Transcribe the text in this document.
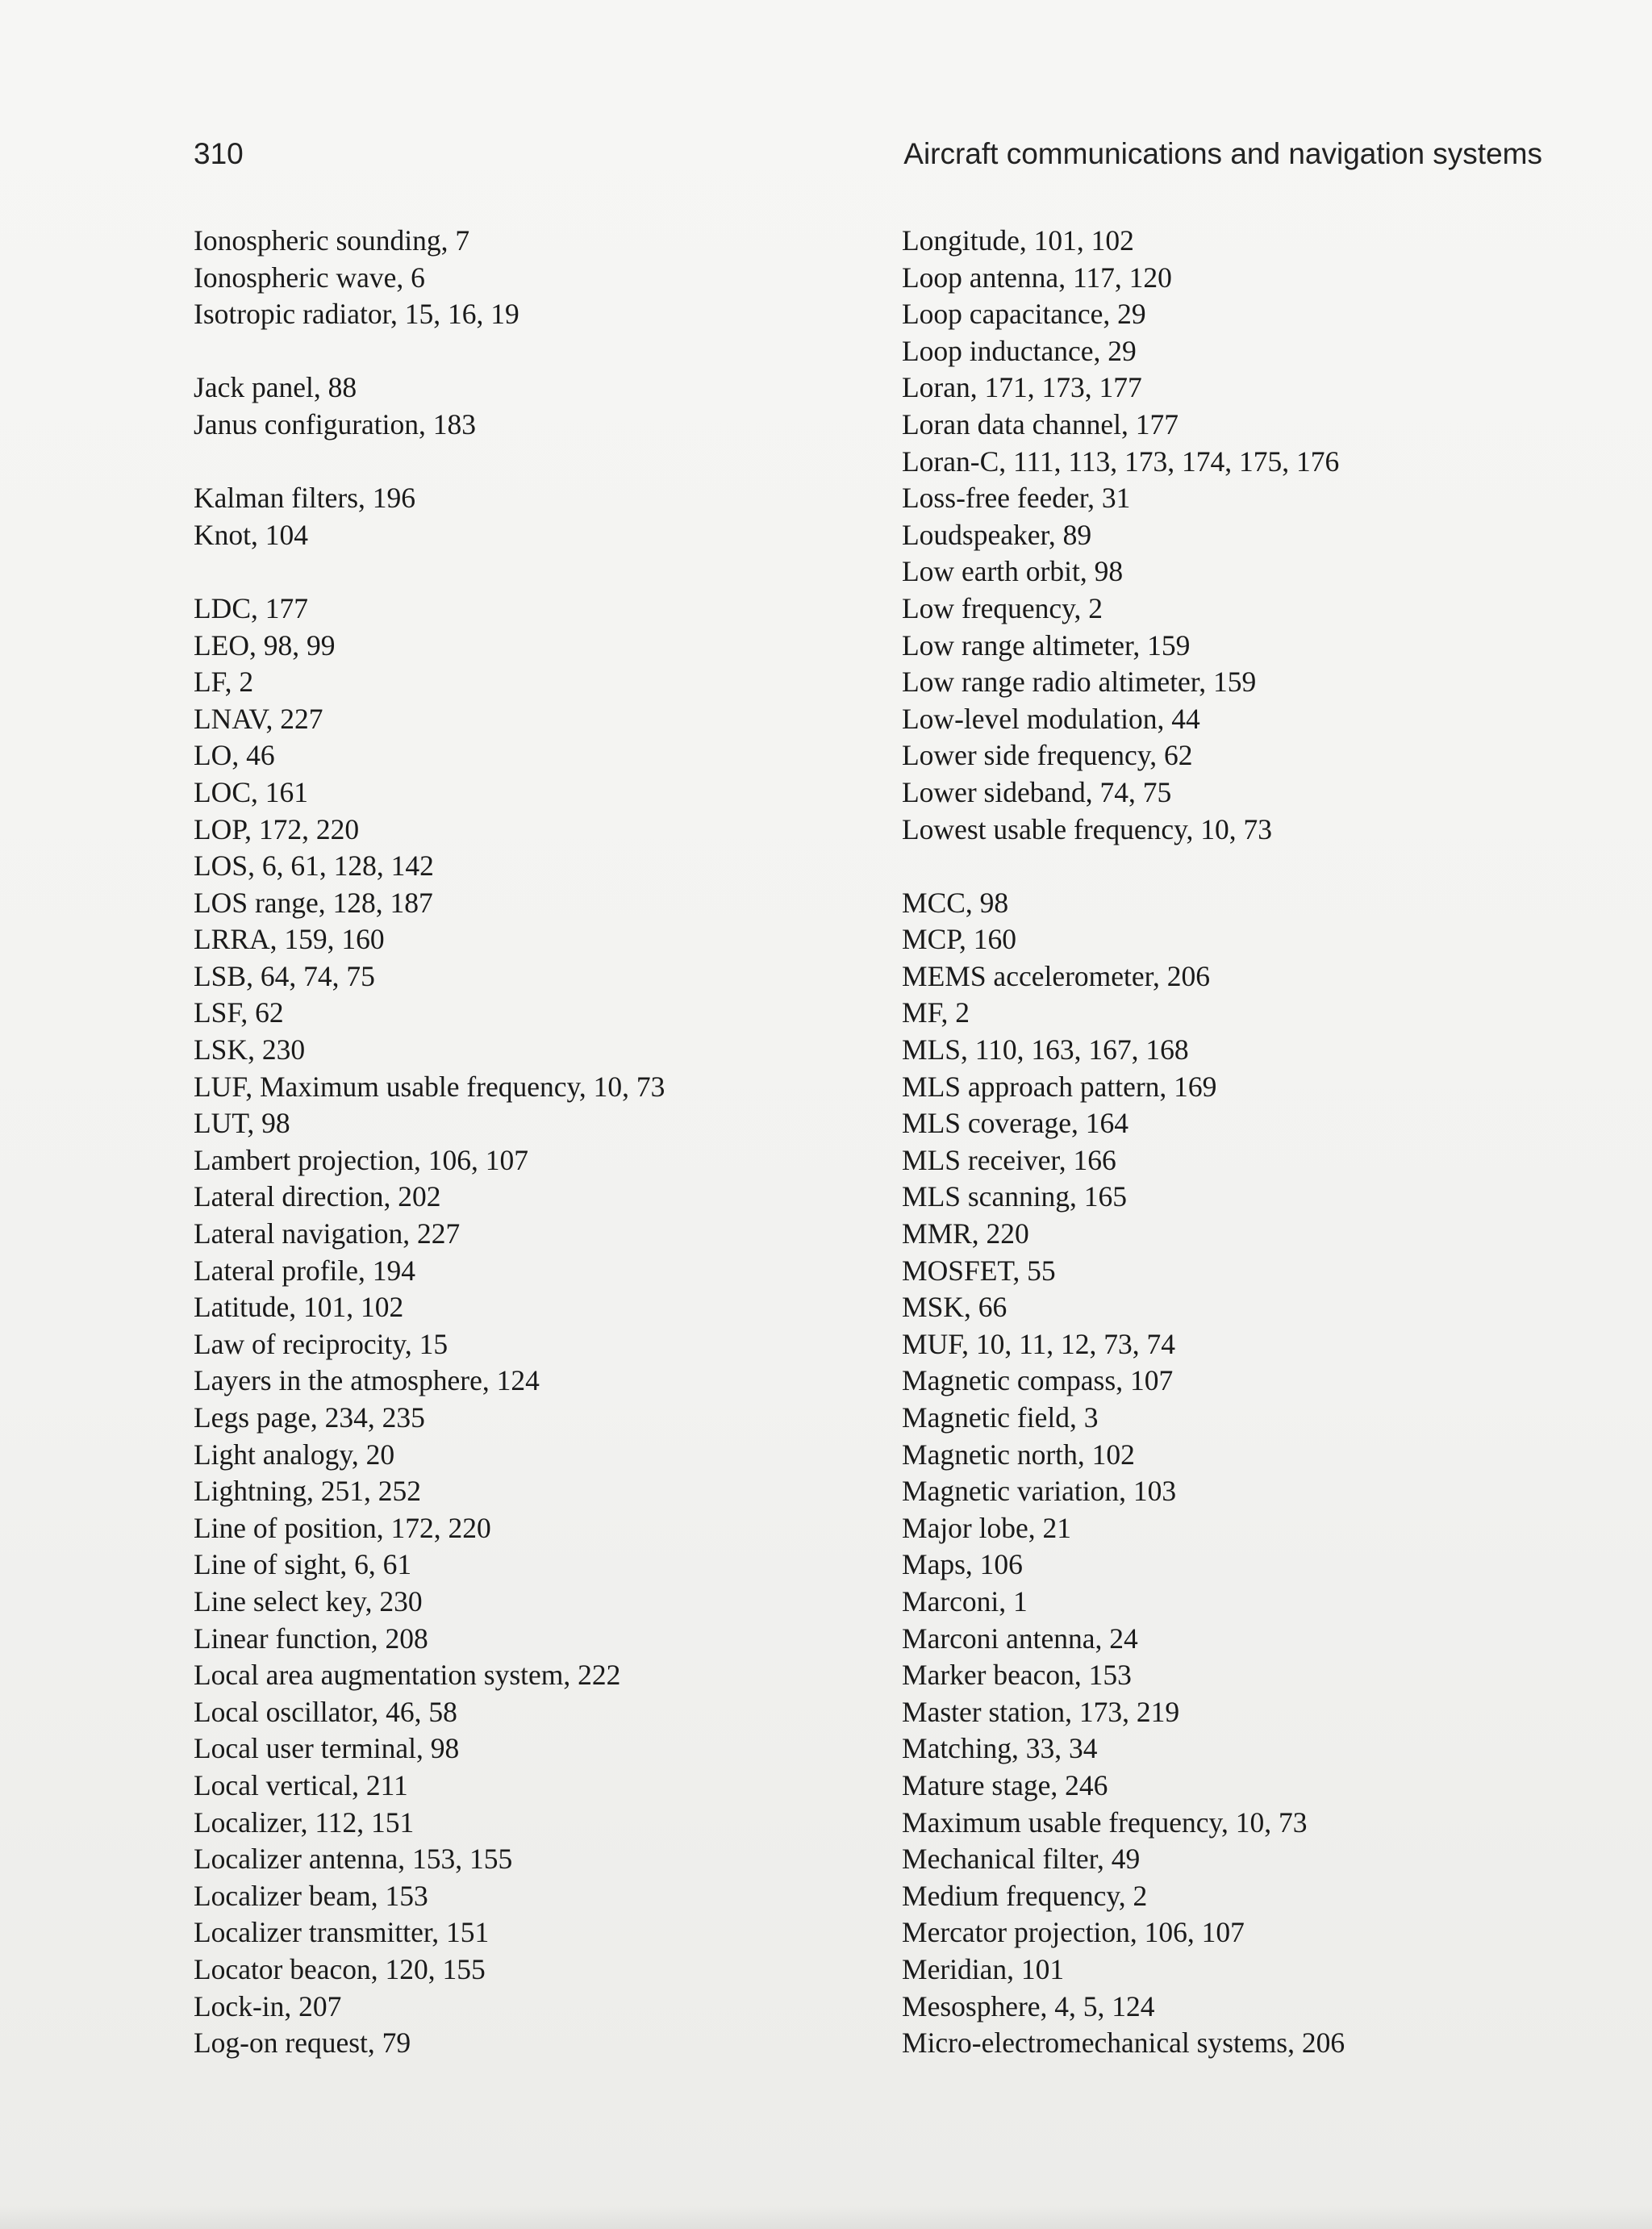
310	Aircraft communications and navigation systems
Ionospheric sounding, 7
Ionospheric wave, 6
Isotropic radiator, 15, 16, 19
Jack panel, 88
Janus configuration, 183
Kalman filters, 196
Knot, 104
LDC, 177
LEO, 98, 99
LF, 2
LNAV, 227
LO, 46
LOC, 161
LOP, 172, 220
LOS, 6, 61, 128, 142
LOS range, 128, 187
LRRA, 159, 160
LSB, 64, 74, 75
LSF, 62
LSK, 230
LUF, Maximum usable frequency, 10, 73
LUT, 98
Lambert projection, 106, 107
Lateral direction, 202
Lateral navigation, 227
Lateral profile, 194
Latitude, 101, 102
Law of reciprocity, 15
Layers in the atmosphere, 124
Legs page, 234, 235
Light analogy, 20
Lightning, 251, 252
Line of position, 172, 220
Line of sight, 6, 61
Line select key, 230
Linear function, 208
Local area augmentation system, 222
Local oscillator, 46, 58
Local user terminal, 98
Local vertical, 211
Localizer, 112, 151
Localizer antenna, 153, 155
Localizer beam, 153
Localizer transmitter, 151
Locator beacon, 120, 155
Lock-in, 207
Log-on request, 79
Longitude, 101, 102
Loop antenna, 117, 120
Loop capacitance, 29
Loop inductance, 29
Loran, 171, 173, 177
Loran data channel, 177
Loran-C, 111, 113, 173, 174, 175, 176
Loss-free feeder, 31
Loudspeaker, 89
Low earth orbit, 98
Low frequency, 2
Low range altimeter, 159
Low range radio altimeter, 159
Low-level modulation, 44
Lower side frequency, 62
Lower sideband, 74, 75
Lowest usable frequency, 10, 73
MCC, 98
MCP, 160
MEMS accelerometer, 206
MF, 2
MLS, 110, 163, 167, 168
MLS approach pattern, 169
MLS coverage, 164
MLS receiver, 166
MLS scanning, 165
MMR, 220
MOSFET, 55
MSK, 66
MUF, 10, 11, 12, 73, 74
Magnetic compass, 107
Magnetic field, 3
Magnetic north, 102
Magnetic variation, 103
Major lobe, 21
Maps, 106
Marconi, 1
Marconi antenna, 24
Marker beacon, 153
Master station, 173, 219
Matching, 33, 34
Mature stage, 246
Maximum usable frequency, 10, 73
Mechanical filter, 49
Medium frequency, 2
Mercator projection, 106, 107
Meridian, 101
Mesosphere, 4, 5, 124
Micro-electromechanical systems, 206
